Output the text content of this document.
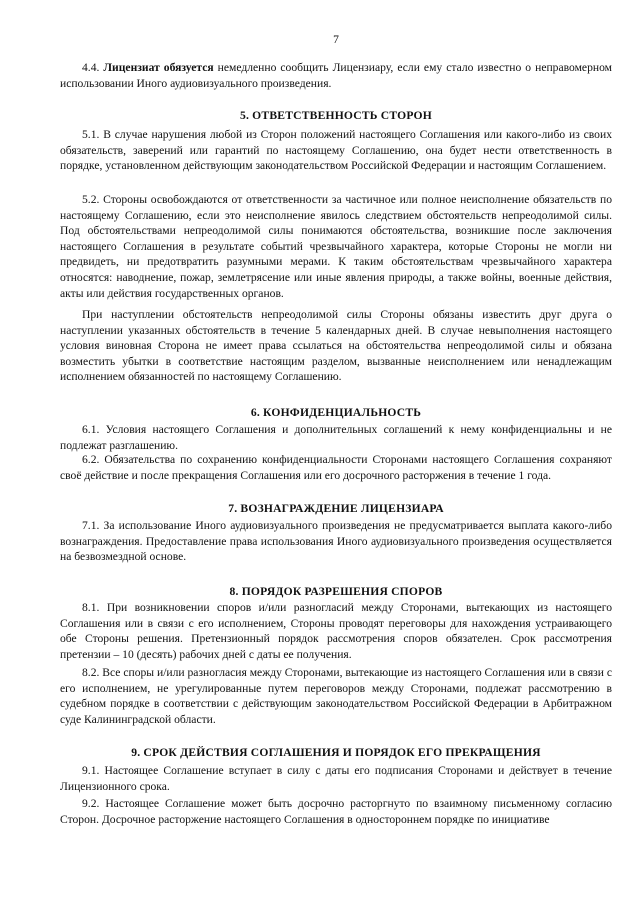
7

4.4. Лицензиат обязуется немедленно сообщить Лицензиару, если ему стало известно о неправомерном использовании Иного аудиовизуального произведения.

5. ОТВЕТСТВЕННОСТЬ СТОРОН

5.1. В случае нарушения любой из Сторон положений настоящего Соглашения или какого-либо из своих обязательств, заверений или гарантий по настоящему Соглашению, она будет нести ответственность в порядке, установленном действующим законодательством Российской Федерации и настоящим Соглашением.

5.2. Стороны освобождаются от ответственности за частичное или полное неисполнение обязательств по настоящему Соглашению, если это неисполнение явилось следствием обстоятельств непреодолимой силы. Под обстоятельствами непреодолимой силы понимаются обстоятельства, возникшие после заключения настоящего Соглашения в результате событий чрезвычайного характера, которые Стороны не могли ни предвидеть, ни предотвратить разумными мерами. К таким обстоятельствам чрезвычайного характера относятся: наводнение, пожар, землетрясение или иные явления природы, а также войны, военные действия, акты или действия государственных органов.

При наступлении обстоятельств непреодолимой силы Стороны обязаны известить друг друга о наступлении указанных обстоятельств в течение 5 календарных дней. В случае невыполнения настоящего условия виновная Сторона не имеет права ссылаться на обстоятельства непреодолимой силы и обязана возместить убытки в соответствие настоящим разделом, вызванные неисполнением или ненадлежащим исполнением обязанностей по настоящему Соглашению.

6. КОНФИДЕНЦИАЛЬНОСТЬ

6.1. Условия настоящего Соглашения и дополнительных соглашений к нему конфиденциальны и не подлежат разглашению.

6.2. Обязательства по сохранению конфиденциальности Сторонами настоящего Соглашения сохраняют своё действие и после прекращения Соглашения или его досрочного расторжения в течение 1 года.

7. ВОЗНАГРАЖДЕНИЕ ЛИЦЕНЗИАРА

7.1. За использование Иного аудиовизуального произведения не предусматривается выплата какого-либо вознаграждения. Предоставление права использования Иного аудиовизуального произведения осуществляется на безвозмездной основе.

8. ПОРЯДОК РАЗРЕШЕНИЯ СПОРОВ

8.1. При возникновении споров и/или разногласий между Сторонами, вытекающих из настоящего Соглашения или в связи с его исполнением, Стороны проводят переговоры для нахождения устраивающего обе Стороны решения. Претензионный порядок рассмотрения споров обязателен. Срок рассмотрения претензии – 10 (десять) рабочих дней с даты ее получения.

8.2. Все споры и/или разногласия между Сторонами, вытекающие из настоящего Соглашения или в связи с его исполнением, не урегулированные путем переговоров между Сторонами, подлежат рассмотрению в судебном порядке в соответствии с действующим законодательством Российской Федерации в Арбитражном суде Калининградской области.

9. СРОК ДЕЙСТВИЯ СОГЛАШЕНИЯ И ПОРЯДОК ЕГО ПРЕКРАЩЕНИЯ

9.1. Настоящее Соглашение вступает в силу с даты его подписания Сторонами и действует в течение Лицензионного срока.

9.2. Настоящее Соглашение может быть досрочно расторгнуто по взаимному письменному согласию Сторон. Досрочное расторжение настоящего Соглашения в одностороннем порядке по инициативе
